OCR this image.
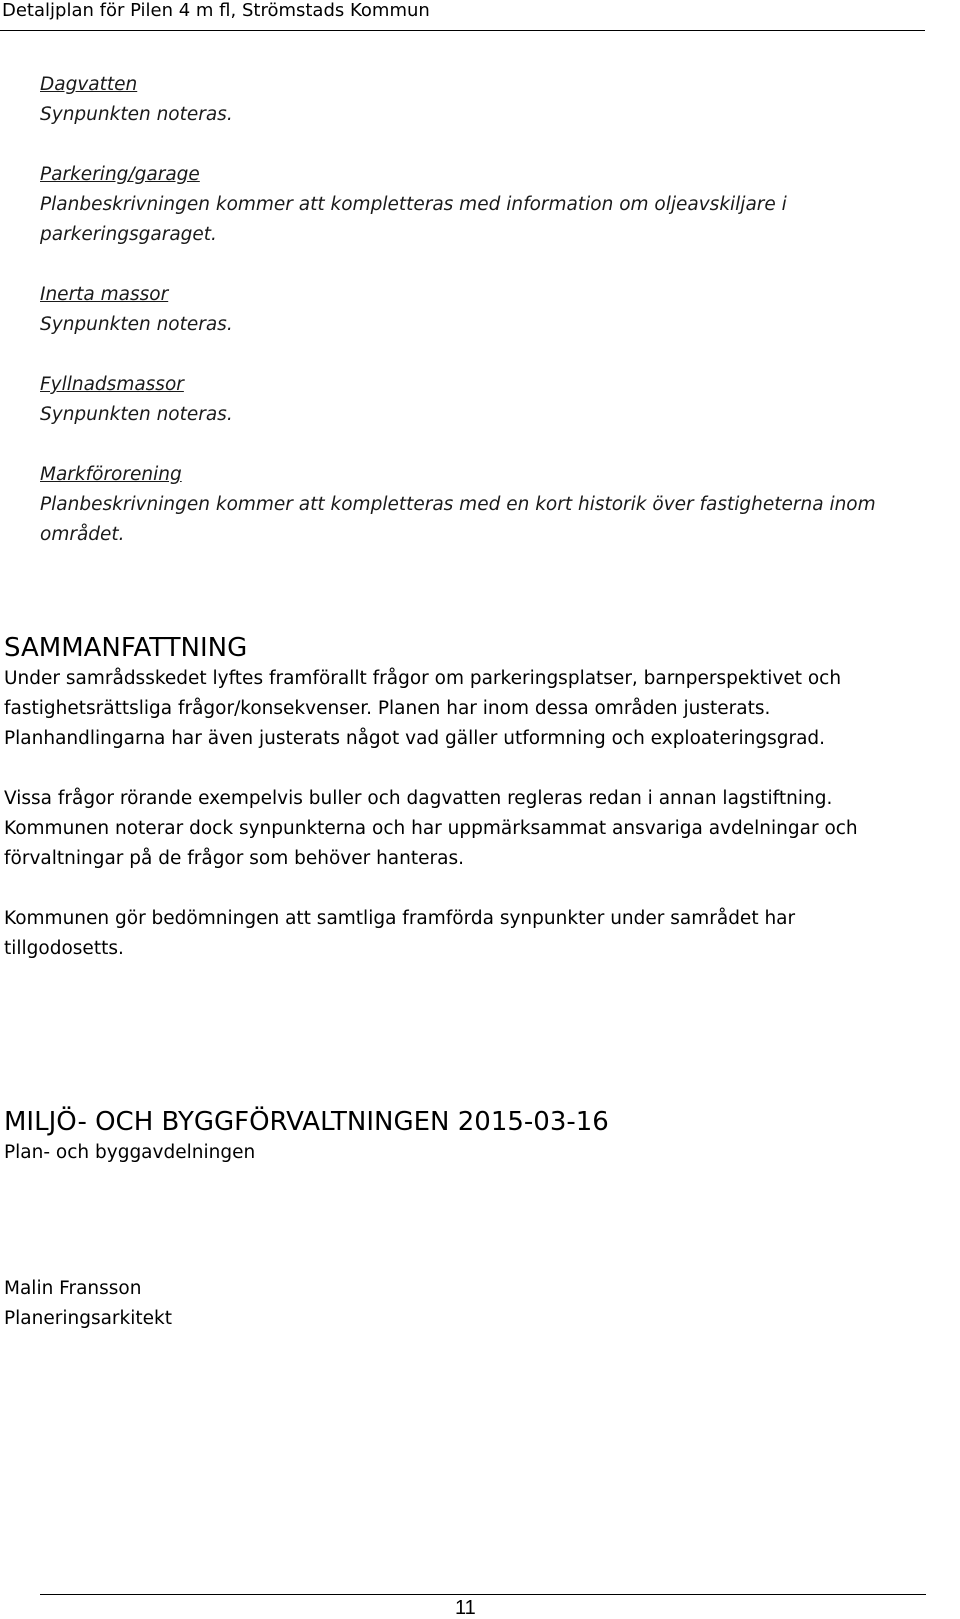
Detaljplan för Pilen 4 m fl, Strömstads Kommun

Dagvatten

Synpunkten noteras.

Parkering/garage

Planbeskrivningen kommer att kompletteras med information om oljeavskiljare i

parkeringsgaraget.

Inerta massor

Synpunkten noteras.

Fyllnadsmassor

Synpunkten noteras.

Markförorening

Planbeskrivningen kommer att kompletteras med en kort historik över fastigheterna inom

området.

SAMMANFATTNING

Under samrådsskedet lyftes framförallt frågor om parkeringsplatser, barnperspektivet och

fastighetsrättsliga frågor/konsekvenser. Planen har inom dessa områden justerats.

Planhandlingarna har även justerats något vad gäller utformning och exploateringsgrad.

Vissa frågor rörande exempelvis buller och dagvatten regleras redan i annan lagstiftning.

Kommunen noterar dock synpunkterna och har uppmärksammat ansvariga avdelningar och

förvaltningar på de frågor som behöver hanteras.

Kommunen gör bedömningen att samtliga framförda synpunkter under samrådet har

tillgodosetts.

MILJÖ- OCH BYGGFÖRVALTNINGEN 2015-03-16

Plan- och byggavdelningen

Malin Fransson

Planeringsarkitekt

11
